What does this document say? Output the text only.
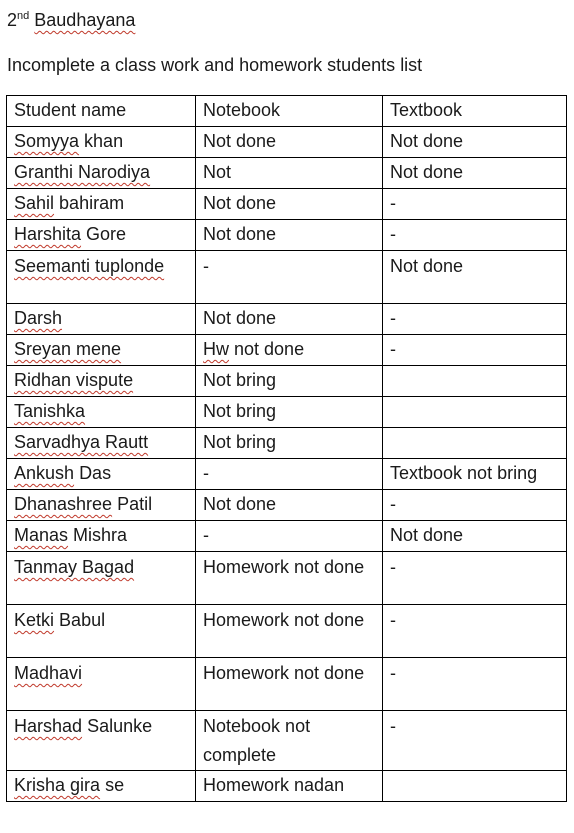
2nd Baudhayana
Incomplete a class work and homework students list
Student name	Notebook	Textbook
Somyya khan	Not done	Not done
Granthi Narodiya	Not	Not done
Sahil bahiram	Not done	-
Harshita Gore	Not done	-
Seemanti tuplonde	-	Not done
Darsh	Not done	-
Sreyan mene	Hw not done	-
Ridhan vispute	Not bring	
Tanishka	Not bring	
Sarvadhya Rautt	Not bring	
Ankush Das	-	Textbook not bring
Dhanashree Patil	Not done	-
Manas Mishra	-	Not done
Tanmay Bagad	Homework not done	-
Ketki Babul	Homework not done	-
Madhavi	Homework not done	-
Harshad Salunke	Notebook not complete	-
Krisha gira se	Homework nadan	
